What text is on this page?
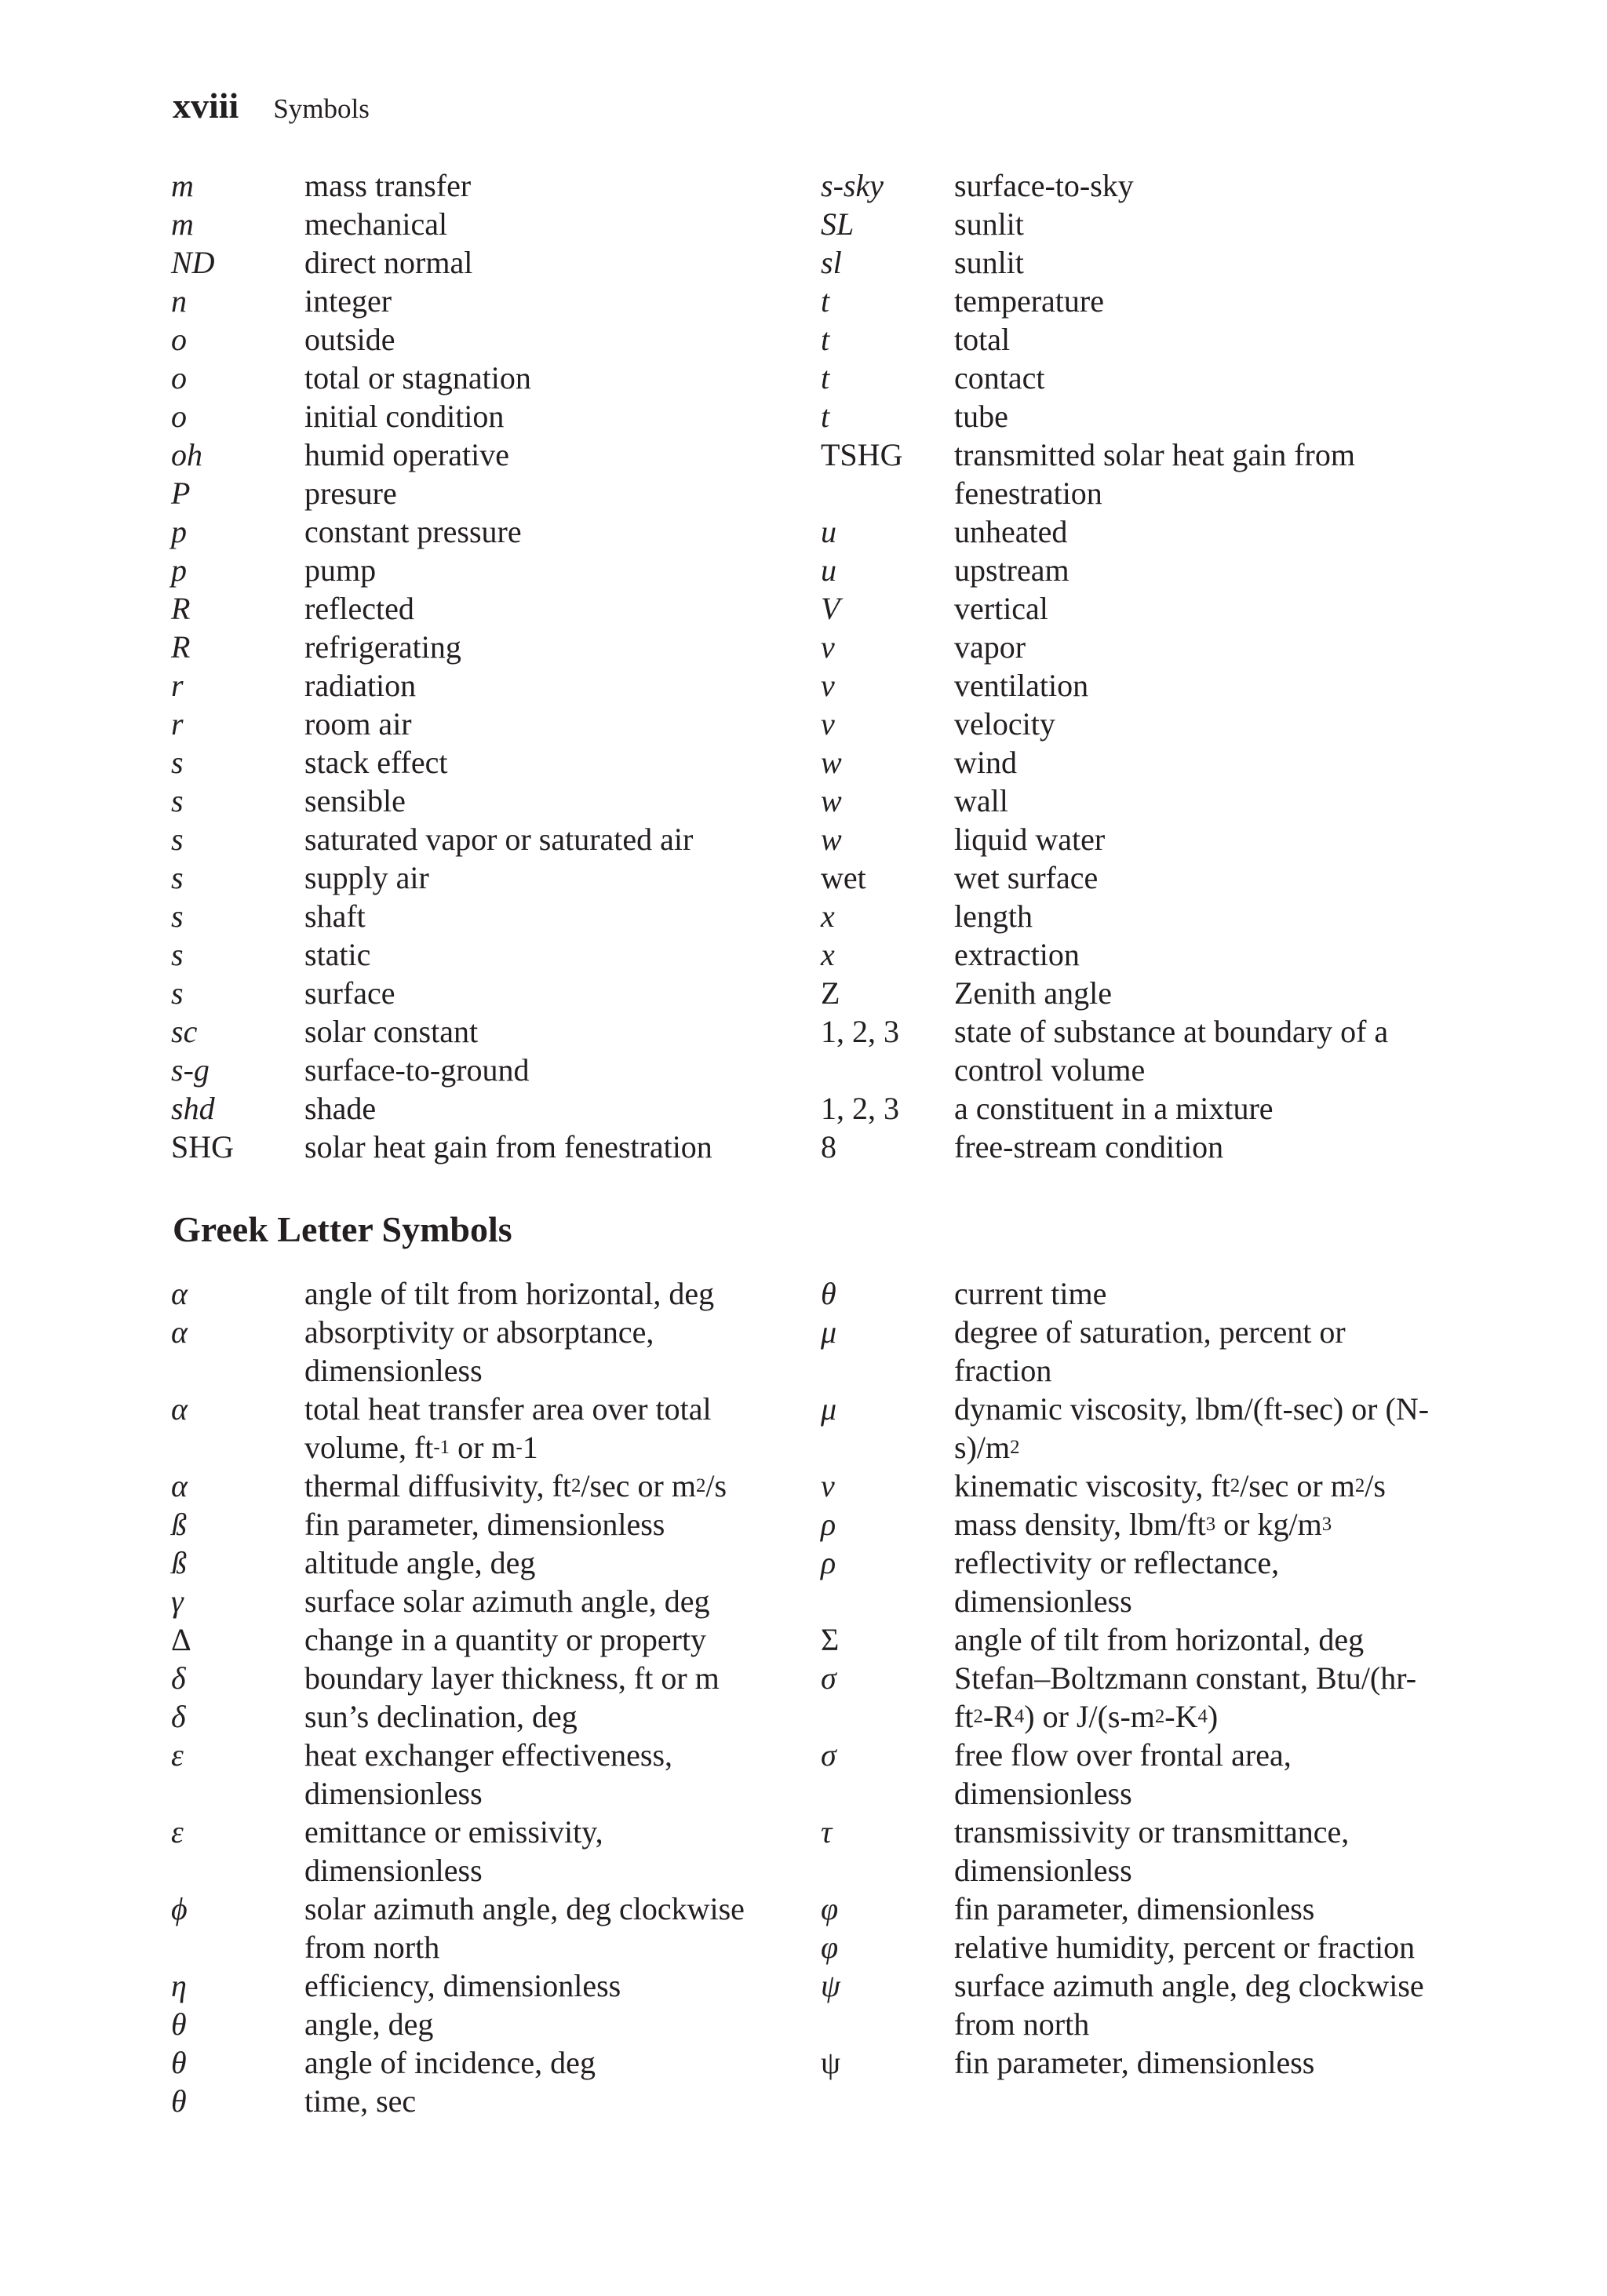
xviii Symbols
m	mass transfer
m	mechanical
ND	direct normal
n	integer
o	outside
o	total or stagnation
o	initial condition
oh	humid operative
P	presure
p	constant pressure
p	pump
R	reflected
R	refrigerating
r	radiation
r	room air
s	stack effect
s	sensible
s	saturated vapor or saturated air
s	supply air
s	shaft
s	static
s	surface
sc	solar constant
s-g	surface-to-ground
shd	shade
SHG	solar heat gain from fenestration
s-sky	surface-to-sky
SL	sunlit
sl	sunlit
t	temperature
t	total
t	contact
t	tube
TSHG	transmitted solar heat gain from fenestration
u	unheated
u	upstream
V	vertical
v	vapor
v	ventilation
v	velocity
w	wind
w	wall
w	liquid water
wet	wet surface
x	length
x	extraction
Z	Zenith angle
1, 2, 3	state of substance at boundary of a control volume
1, 2, 3	a constituent in a mixture
8	free-stream condition
Greek Letter Symbols
α	angle of tilt from horizontal, deg
α	absorptivity or absorptance, dimensionless
α	total heat transfer area over total volume, $ft^{-1}$ or m-1
α	thermal diffusivity, $ft^2/\sec$ or $m^2/s$
ß	fin parameter, dimensionless
ß	altitude angle, deg
γ	surface solar azimuth angle, deg
Δ	change in a quantity or property
δ	boundary layer thickness, ft or m
δ	sun’s declination, deg
ε	heat exchanger effectiveness, dimensionless
ε	emittance or emissivity, dimensionless
ϕ	solar azimuth angle, deg clockwise from north
η	efficiency, dimensionless
θ	angle, deg
θ	angle of incidence, deg
θ	time, sec
θ	current time
μ	degree of saturation, percent or fraction
μ	dynamic viscosity, lbm/(ft-sec) or $(N-s)/m^2$
ν	kinematic viscosity, $ft^2/\sec$ or $m^2/s$
ρ	mass density, lbm/$ft^3$ or $kg/m^3$
ρ	reflectivity or reflectance, dimensionless
Σ	angle of tilt from horizontal, deg
σ	Stefan–Boltzmann constant, Btu/$(hr-ft^2-R^4)$ or $J/(s-m^2-K^4)$
σ	free flow over frontal area, dimensionless
τ	transmissivity or transmittance, dimensionless
φ	fin parameter, dimensionless
φ	relative humidity, percent or fraction
ψ	surface azimuth angle, deg clockwise from north
ψ	fin parameter, dimensionless
